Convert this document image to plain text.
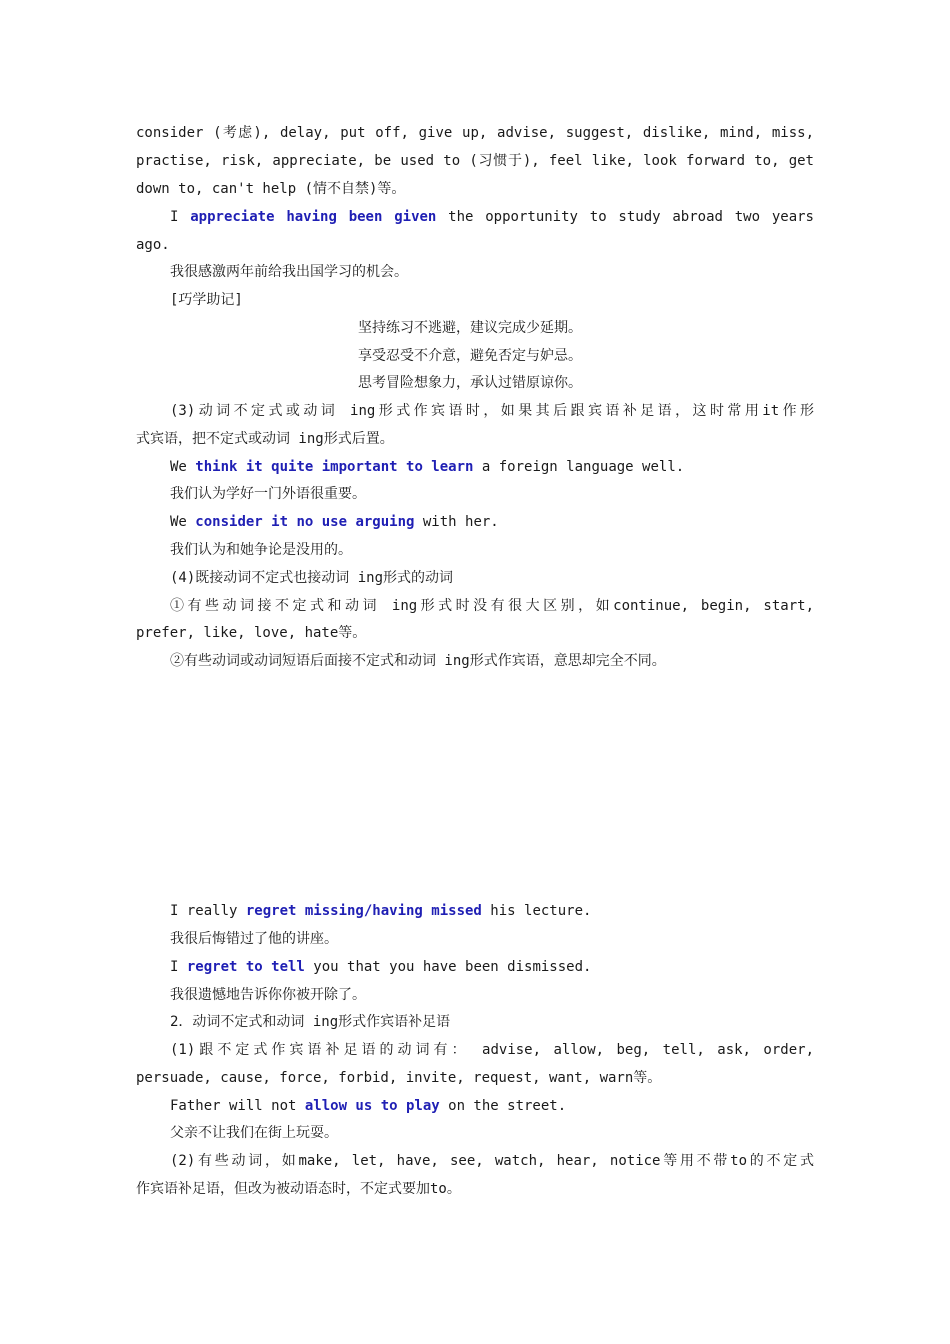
consider (考虑), delay, put off, give up, advise, suggest, dislike, mind, miss,
practise, risk, appreciate, be used to (习惯于), feel like, look forward to, get
down to, can't help (情不自禁)等。
I appreciate having been given the opportunity to study abroad two years
ago.
我很感激两年前给我出国学习的机会。
[巧学助记]
坚持练习不逃避，建议完成少延期。
享受忍受不介意，避免否定与妒忌。
思考冒险想象力，承认过错原谅你。
(3)动词不定式或动词 ing形式作宾语时，如果其后跟宾语补足语，这时常用it作形
式宾语，把不定式或动词 ing形式后置。
We think it quite important to learn a foreign language well.
我们认为学好一门外语很重要。
We consider it no use arguing with her.
我们认为和她争论是没用的。
(4)既接动词不定式也接动词 ing形式的动词
①有些动词接不定式和动词 ing形式时没有很大区别，如continue, begin, start,
prefer, like, love, hate等。
②有些动词或动词短语后面接不定式和动词 ing形式作宾语，意思却完全不同。
I really regret missing/having missed his lecture.
我很后悔错过了他的讲座。
I regret to tell you that you have been dismissed.
我很遗憾地告诉你你被开除了。
2．动词不定式和动词 ing形式作宾语补足语
(1)跟不定式作宾语补足语的动词有： advise, allow, beg, tell, ask, order,
persuade, cause, force, forbid, invite, request, want, warn等。
Father will not allow us to play on the street.
父亲不让我们在街上玩耍。
(2)有些动词，如make, let, have, see, watch, hear, notice等用不带to的不定式
作宾语补足语，但改为被动语态时，不定式要加to。
